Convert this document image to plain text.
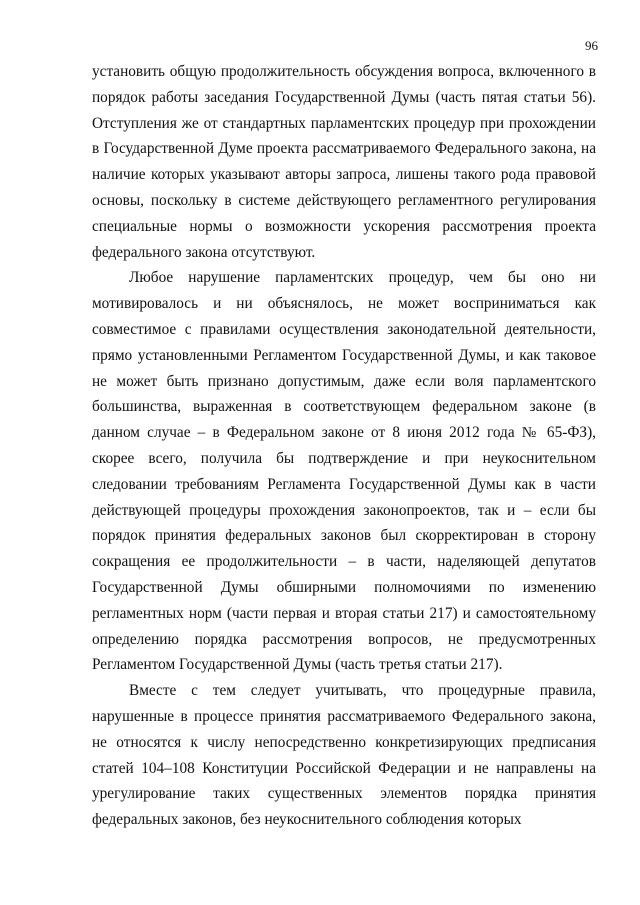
96

установить общую продолжительность обсуждения вопроса, включенного в порядок работы заседания Государственной Думы (часть пятая статьи 56). Отступления же от стандартных парламентских процедур при прохождении в Государственной Думе проекта рассматриваемого Федерального закона, на наличие которых указывают авторы запроса, лишены такого рода правовой основы, поскольку в системе действующего регламентного регулирования специальные нормы о возможности ускорения рассмотрения проекта федерального закона отсутствуют.

Любое нарушение парламентских процедур, чем бы оно ни мотивировалось и ни объяснялось, не может восприниматься как совместимое с правилами осуществления законодательной деятельности, прямо установленными Регламентом Государственной Думы, и как таковое не может быть признано допустимым, даже если воля парламентского большинства, выраженная в соответствующем федеральном законе (в данном случае – в Федеральном законе от 8 июня 2012 года № 65-ФЗ), скорее всего, получила бы подтверждение и при неукоснительном следовании требованиям Регламента Государственной Думы как в части действующей процедуры прохождения законопроектов, так и – если бы порядок принятия федеральных законов был скорректирован в сторону сокращения ее продолжительности – в части, наделяющей депутатов Государственной Думы обширными полномочиями по изменению регламентных норм (части первая и вторая статьи 217) и самостоятельному определению порядка рассмотрения вопросов, не предусмотренных Регламентом Государственной Думы (часть третья статьи 217).

Вместе с тем следует учитывать, что процедурные правила, нарушенные в процессе принятия рассматриваемого Федерального закона, не относятся к числу непосредственно конкретизирующих предписания статей 104–108 Конституции Российской Федерации и не направлены на урегулирование таких существенных элементов порядка принятия федеральных законов, без неукоснительного соблюдения которых
